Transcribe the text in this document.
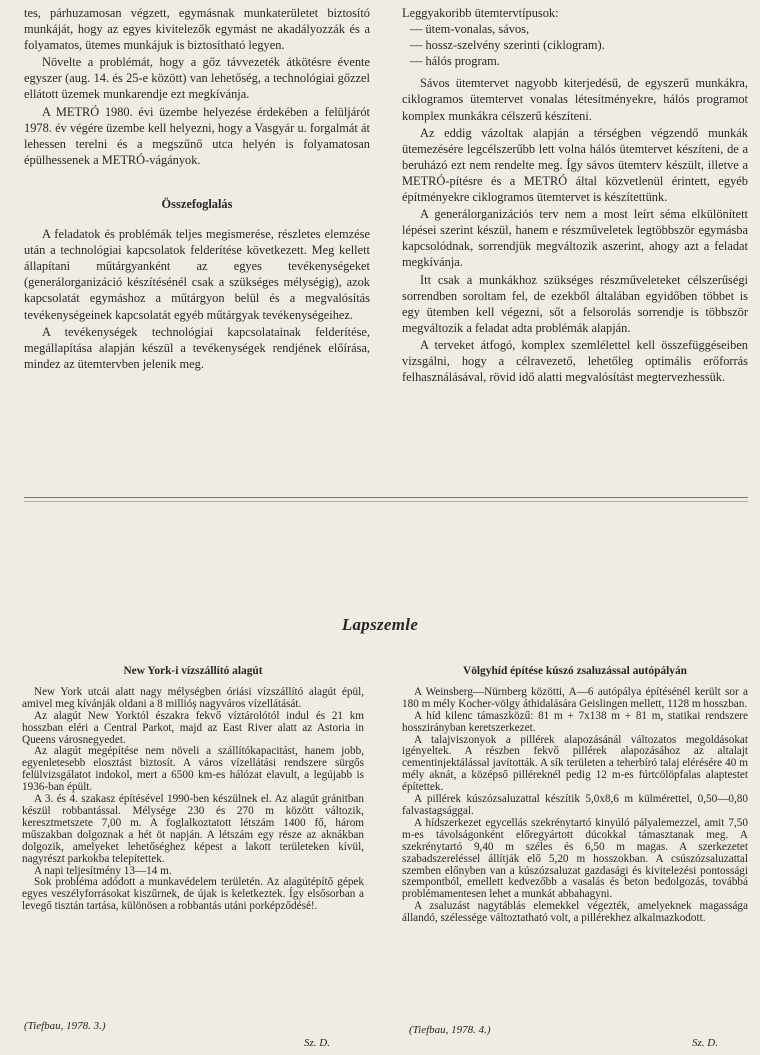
tes, párhuzamosan végzett, egymásnak munkaterületet biztosító munkáját, hogy az egyes kivitelezők egymást ne akadályozzák és a folyamatos, ütemes munkájuk is biztosítható legyen.

Növelte a problémát, hogy a gőz távvezeték átkötésre évente egyszer (aug. 14. és 25-e között) van lehetőség, a technológiai gőzzel ellátott üzemek munkarendje ezt megkívánja.

A METRÓ 1980. évi üzembe helyezése érdekében a felüljárót 1978. év végére üzembe kell helyezni, hogy a Vasgyár u. forgalmát át lehessen terelni és a megszűnő utca helyén is folyamatosan épülhessenek a METRÓ-vágányok.

Összefoglalás

A feladatok és problémák teljes megismerése, részletes elemzése után a technológiai kapcsolatok felderítése következett. Meg kellett állapítani műtárgyanként az egyes tevékenységeket (generálorganizáció készítésénél csak a szükséges mélységig), azok kapcsolatát egymáshoz a műtárgyon belül és a megvalósítás tevékenységeinek kapcsolatát egyéb műtárgyak tevékenységeihez.

A tevékenységek technológiai kapcsolatainak felderítése, megállapítása alapján készül a tevékenységek rendjének előírása, mindez az ütemtervben jelenik meg.

Leggyakoribb ütemtervtípusok:

— ütem-vonalas, sávos,
— hossz-szelvény szerinti (ciklogram).
— hálós program.

Sávos ütemtervet nagyobb kiterjedésű, de egyszerű munkákra, ciklogramos ütemtervet vonalas létesítményekre, hálós programot komplex munkákra célszerű készíteni.

Az eddig vázoltak alapján a térségben végzendő munkák ütemezésére legcélszerűbb lett volna hálós ütemtervet készíteni, de a beruházó ezt nem rendelte meg. Így sávos ütemterv készült, illetve a METRÓ-pítésre és a METRÓ által közvetlenül érintett, egyéb építményekre ciklogramos ütemtervet is készítettünk.

A generálorganizációs terv nem a most leírt séma elkülönített lépései szerint készül, hanem e részműveletek legtöbbször egymásba kapcsolódnak, sorrendjük megváltozik aszerint, ahogy azt a feladat megkívánja.

Itt csak a munkákhoz szükséges részműveleteket célszerűségi sorrendben soroltam fel, de ezekből általában egyidőben többet is egy ütemben kell végezni, sőt a felsorolás sorrendje is többször megváltozik a feladat adta problémák alapján.

A terveket átfogó, komplex szemlélettel kell összefüggéseiben vizsgálni, hogy a célravezető, lehetőleg optimális erőforrás felhasználásával, rövid idő alatti megvalósítást megtervezhessük.

Lapszemle
New York-i vízszállító alagút

New York utcái alatt nagy mélységben óriási vízszállító alagút épül, amivel meg kívánják oldani a 8 millióș nagyváros vízellátását.

Az alagút New Yorktól északra fekvő víztárolótól indul és 21 km hosszban eléri a Central Parkot, majd az East River alatt az Astoria in Queens városnegyedet.

Az alagút megépítése nem növeli a szállítókapacitást, hanem jobb, egyenletesebb elosztást biztosít. A város vízellátási rendszere sürgős felülvizsgálatot indokol, mert a 6500 km-es hálózat elavult, a legújabb is 1936-ban épült.

A 3. és 4. szakasz építésével 1990-ben készülnek el. Az alagút gránitban készül robbantással. Mélysége 230 és 270 m között változik, keresztmetszete 7,00 m. A foglalkoztatott létszám 1400 fő, három műszakban dolgoznak a hét öt napján. A létszám egy része az aknákban dolgozik, amelyeket lehetőséghez képest a lakott területeken kívül, nagyrészt parkokba telepítettek.

A napi teljesítmény 13—14 m.

Sok probléma adódott a munkavédelem területén. Az alagútépítő gépek egyes veszélyforrásokat kiszűrnek, de újak is keletkeztek. Így elsősorban a levegő tisztán tartása, különösen a robbantás utáni porképződésé!.

(Tiefbau, 1978. 3.)
Sz. D.
Völgyhíd építése kúszó zsaluzással autópályán

A Weinsberg—Nürnberg közötti, A—6 autópálya építésénél került sor a 180 m mély Kocher-völgy áthidalására Geislingen mellett, 1128 m hosszban.

A híd kilenc támaszközű: 81 m + 7x138 m + 81 m, statikai rendszere hosszirányban keretszerkezet.

A talajviszonyok a pillérek alapozásánál változatos megoldásokat igényeltek. A részben fekvő pillérek alapozásához az altalajt cementinjektálással javították. A sík területen a teherbíró talaj elérésére 40 m mély aknát, a középső pilléreknél pedig 12 m-es fúrtcölöpfalas alaptestet építettek.

A pillérek kúszózsaluzattal készítik 5,0x8,6 m külmérettel, 0,50—0,80 falvastagsággal.

A hídszerkezet egycellás szekrénytartó kinyúló pályalemezzel, amit 7,50 m-es távolságonként előregyártott dúcokkal támasztanak meg. A szekrénytartó 9,40 m széles és 6,50 m magas. A szerkezetet szabadszereléssel állítják elő 5,20 m hosszokban. A csúszózsaluzattal szemben előnyben van a kúszózsaluzat gazdasági és kivitelezési pontossági szempontból, emellett kedvezőbb a vasalás és beton bedolgozás, továbbá problémamentesen lehet a munkát abbahagyni.

A zsaluzást nagytáblás elemekkel végezték, amelyeknek magassága állandó, szélessége változtatható volt, a pillérekhez alkalmazkodott.

(Tiefbau, 1978. 4.)
Sz. D.
